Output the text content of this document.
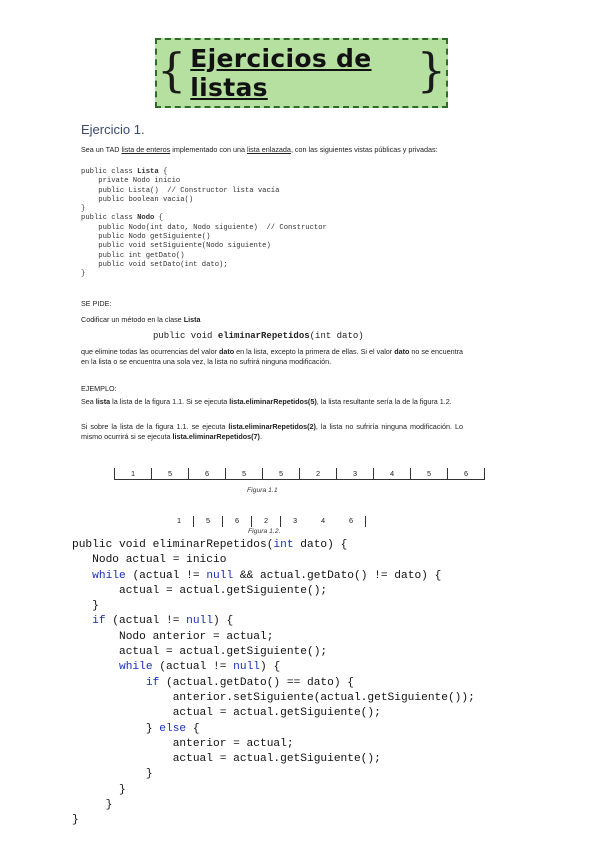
{ Ejercicios de listas	}
Ejercicio 1.

Sea un TAD lista de enteros implementado con una lista enlazada, con las siguientes vistas públicas y privadas:

public class Lista {
private Nodo inicio
public Lista()  // Constructor lista vacía
public boolean vacia()
}
public class Nodo {
public Nodo(int dato, Nodo siguiente)  // Constructor
public Nodo getSiguiente()
public void setSiguiente(Nodo siguiente)
public int getDato()
public void setDato(int dato);
}

SE PIDE:

Codificar un método en la clase Lista

public void eliminarRepetidos(int dato)

que elimine todas las ocurrencias del valor dato en la lista, excepto la primera de ellas. Si el valor dato no se encuentra en la lista o se encuentra una sola vez, la lista no sufrirá ninguna modificación.

EJEMPLO:

Sea lista la lista de la figura 1.1. Si se ejecuta lista.eliminarRepetidos(5), la lista resultante sería la de la figura 1.2.

Si sobre la lista de la figura 1.1. se ejecuta lista.eliminarRepetidos(2), la lista no sufriría ninguna modificación. Lo mismo ocurrirá si se ejecuta lista.eliminarRepetidos(7).

1	5	6	5	5	2	3	4	5	6
Figura 1.1
1	5	6	2	3	4	6
Figura 1.2.
public void eliminarRepetidos(int dato) {
Nodo actual = inicio
while (actual != null && actual.getDato() != dato) {
actual = actual.getSiguiente();
}
if (actual != null) {
Nodo anterior = actual;
actual = actual.getSiguiente();
while (actual != null) {
if (actual.getDato() == dato) {
anterior.setSiguiente(actual.getSiguiente());
actual = actual.getSiguiente();
} else {
anterior = actual;
actual = actual.getSiguiente();
}
}
}
}
